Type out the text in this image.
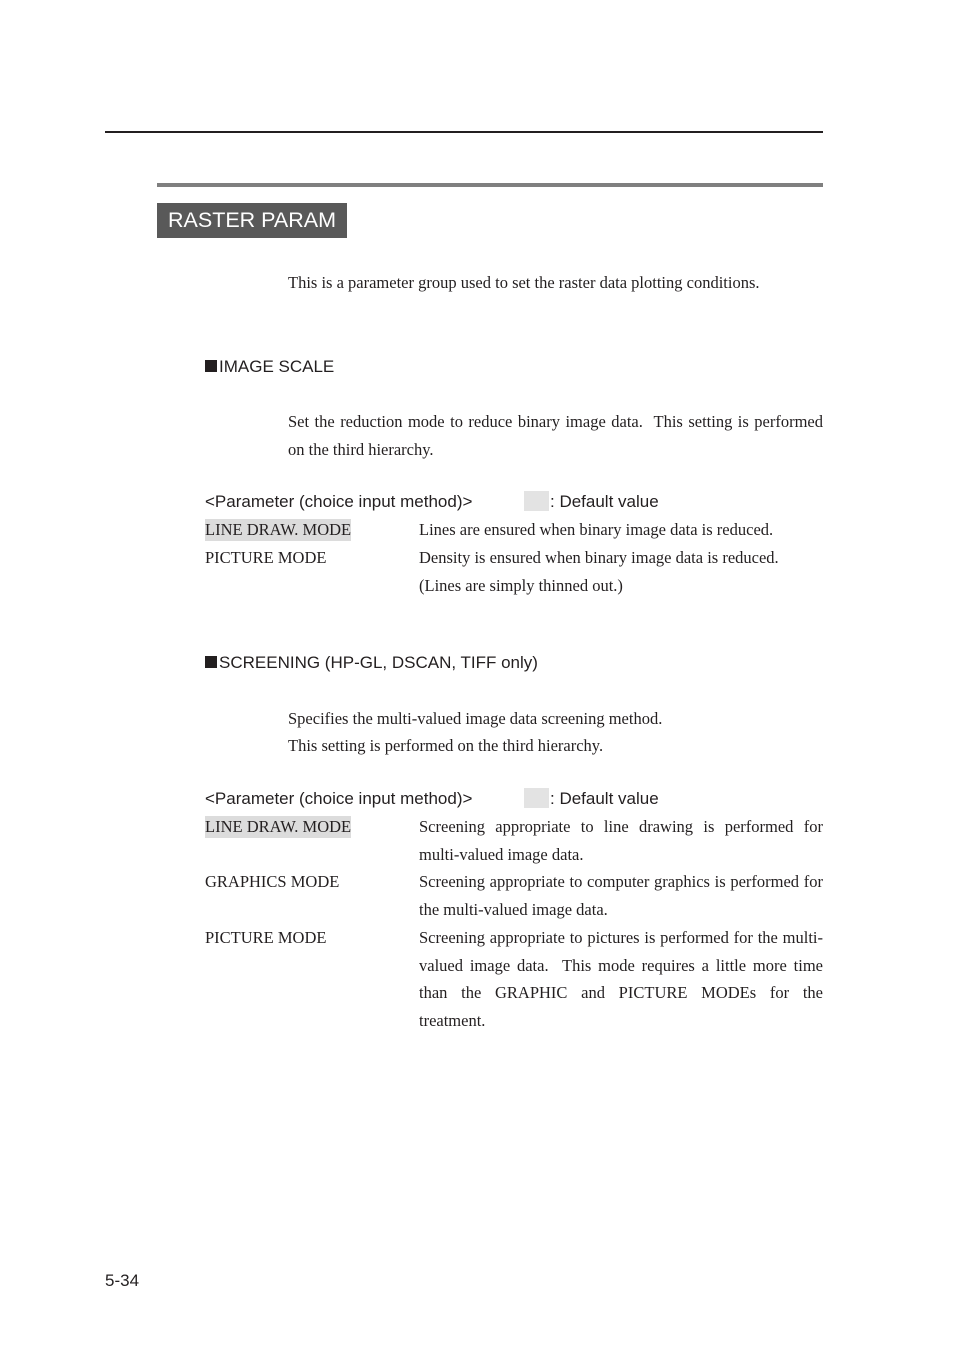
RASTER PARAM
This is a parameter group used to set the raster data plotting conditions.
IMAGE SCALE
Set the reduction mode to reduce binary image data.  This setting is performed on the third hierarchy.
<Parameter (choice input method)>	: Default value
LINE DRAW. MODE	Lines are ensured when binary image data is reduced.
PICTURE MODE	Density is ensured when binary image data is reduced. (Lines are simply thinned out.)
SCREENING (HP-GL, DSCAN, TIFF only)
Specifies the multi-valued image data screening method.
This setting is performed on the third hierarchy.
<Parameter (choice input method)>	: Default value
LINE DRAW. MODE	Screening appropriate to line drawing is performed for multi-valued image data.
GRAPHICS MODE	Screening appropriate to computer graphics is performed for the multi-valued image data.
PICTURE MODE	Screening appropriate to pictures is performed for the multi-valued image data.  This mode requires a little more time than the GRAPHIC and PICTURE MODEs for the treatment.
5-34
